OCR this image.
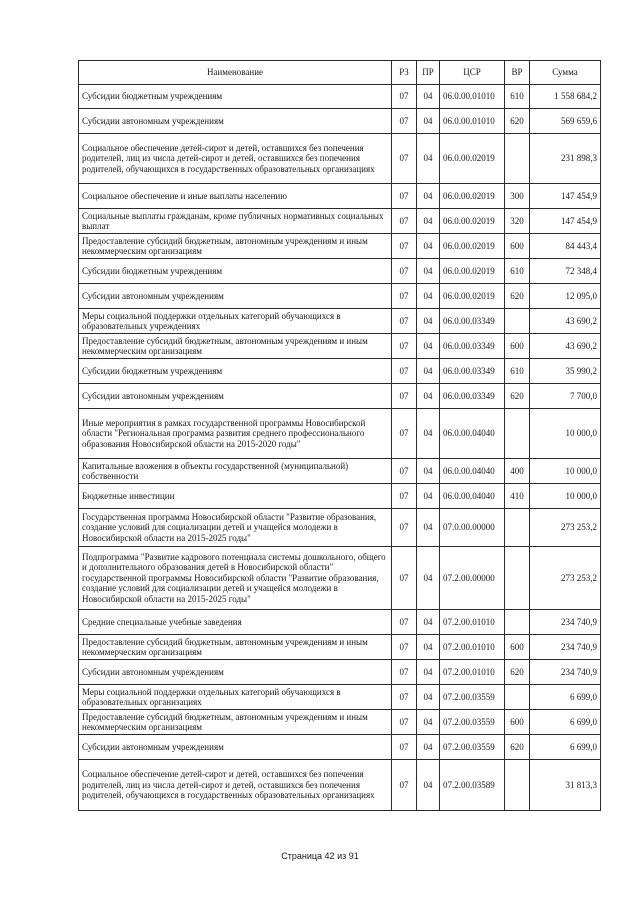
Наименование	РЗ	ПР	ЦСР	ВР	Сумма
Субсидии бюджетным учреждениям	07	04	06.0.00.01010	610	1 558 684,2
Субсидии автономным учреждениям	07	04	06.0.00.01010	620	569 659,6
Социальное обеспечение детей-сирот и детей, оставшихся без попечения родителей, лиц из числа детей-сирот и детей, оставшихся без попечения родителей, обучающихся в государственных образовательных организациях	07	04	06.0.00.02019		231 898,3
Социальное обеспечение и иные выплаты населению	07	04	06.0.00.02019	300	147 454,9
Социальные выплаты гражданам, кроме публичных нормативных социальных выплат	07	04	06.0.00.02019	320	147 454,9
Предоставление субсидий бюджетным, автономным учреждениям и иным некоммерческим организациям	07	04	06.0.00.02019	600	84 443,4
Субсидии бюджетным учреждениям	07	04	06.0.00.02019	610	72 348,4
Субсидии автономным учреждениям	07	04	06.0.00.02019	620	12 095,0
Меры социальной поддержки отдельных категорий обучающихся в образовательных учреждениях	07	04	06.0.00.03349		43 690,2
Предоставление субсидий бюджетным, автономным учреждениям и иным некоммерческим организациям	07	04	06.0.00.03349	600	43 690,2
Субсидии бюджетным учреждениям	07	04	06.0.00.03349	610	35 990,2
Субсидии автономным учреждениям	07	04	06.0.00.03349	620	7 700,0
Иные мероприятия в рамках государственной программы Новосибирской области "Региональная программа развития среднего профессионального образования Новосибирской области на 2015-2020 годы"	07	04	06.0.00.04040		10 000,0
Капитальные вложения в объекты государственной (муниципальной) собственности	07	04	06.0.00.04040	400	10 000,0
Бюджетные инвестиции	07	04	06.0.00.04040	410	10 000,0
Государственная программа Новосибирской области "Развитие образования, создание условий для социализации детей и учащейся молодежи в Новосибирской области на 2015-2025 годы"	07	04	07.0.00.00000		273 253,2
Подпрограмма "Развитие кадрового потенциала системы дошкольного, общего и дополнительного образования детей в Новосибирской области" государственной программы Новосибирской области "Развитие образования, создание условий для социализации детей и учащейся молодежи в Новосибирской области на 2015-2025 годы"	07	04	07.2.00.00000		273 253,2
Средние специальные учебные заведения	07	04	07.2.00.01010		234 740,9
Предоставление субсидий бюджетным, автономным учреждениям и иным некоммерческим организациям	07	04	07.2.00.01010	600	234 740,9
Субсидии автономным учреждениям	07	04	07.2.00.01010	620	234 740,9
Меры социальной поддержки отдельных категорий обучающихся в образовательных организациях	07	04	07.2.00.03559		6 699,0
Предоставление субсидий бюджетным, автономным учреждениям и иным некоммерческим организациям	07	04	07.2.00.03559	600	6 699,0
Субсидии автономным учреждениям	07	04	07.2.00.03559	620	6 699,0
Социальное обеспечение детей-сирот и детей, оставшихся без попечения родителей, лиц из числа детей-сирот и детей, оставшихся без попечения родителей, обучающихся в государственных образовательных организациях	07	04	07.2.00.03589		31 813,3
Страница 42 из 91
